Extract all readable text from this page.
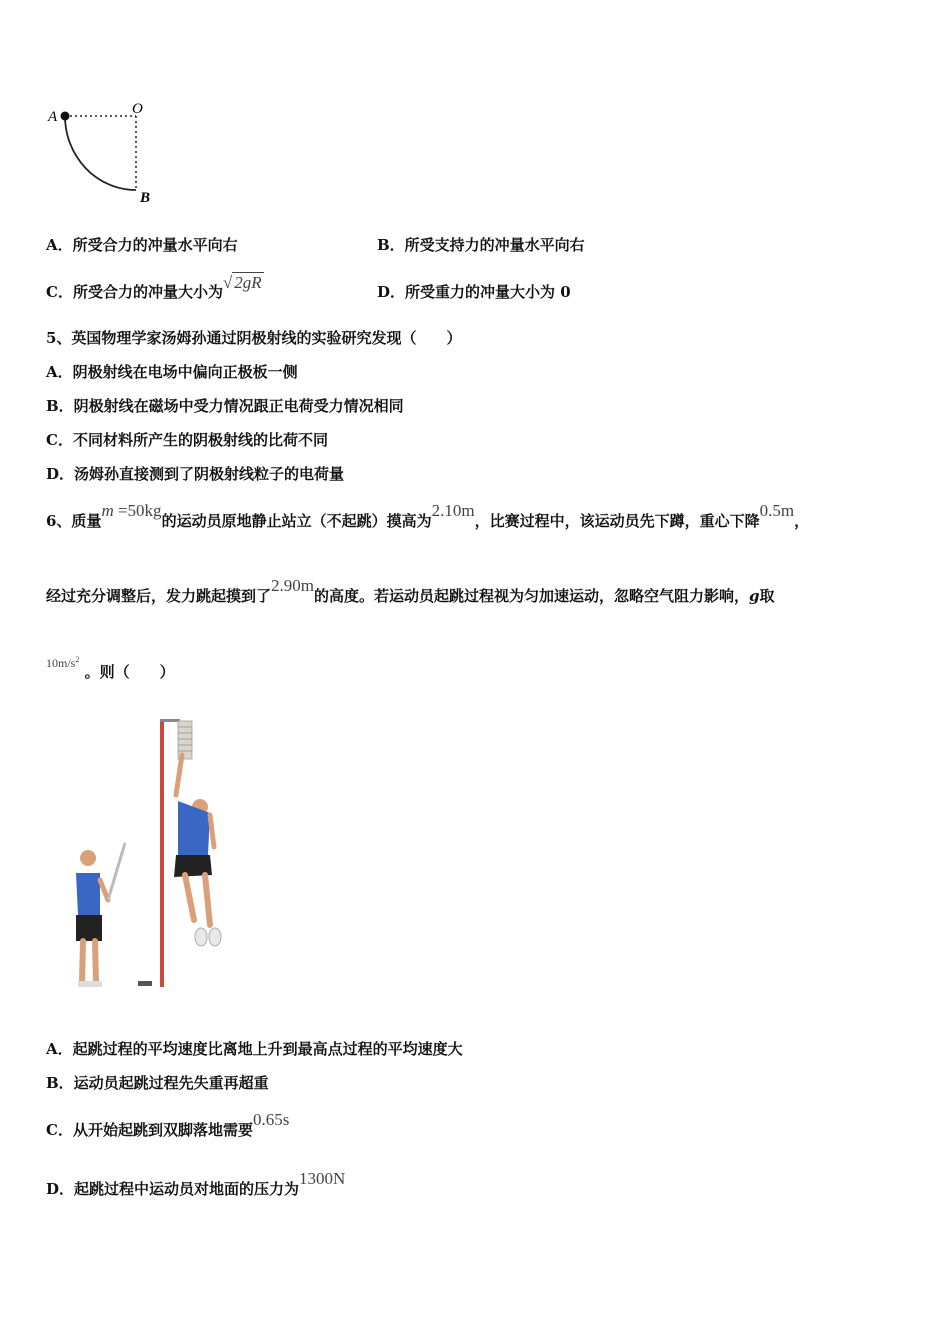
A	O
B
A．所受合力的冲量水平向右	B．所受支持力的冲量水平向右
C．所受合力的冲量大小为√ 2gR	D．所受重力的冲量大小为 0
5、英国物理学家汤姆孙通过阴极射线的实验研究发现（　　）
A．阴极射线在电场中偏向正极板一侧
B．阴极射线在磁场中受力情况跟正电荷受力情况相同
C．不同材料所产生的阴极射线的比荷不同
D．汤姆孙直接测到了阴极射线粒子的电荷量
6、质量m =50kg的运动员原地静止站立（不起跳）摸高为2.10m，比赛过程中，该运动员先下蹲，重心下降0.5m，
经过充分调整后，发力跳起摸到了2.90m的高度。若运动员起跳过程视为匀加速运动，忽略空气阻力影响，g取
$^{10m/s^2}$ 。则（　　）
A．起跳过程的平均速度比离地上升到最高点过程的平均速度大
B．运动员起跳过程先失重再超重
C．从开始起跳到双脚落地需要0.65s
D．起跳过程中运动员对地面的压力为1300N
